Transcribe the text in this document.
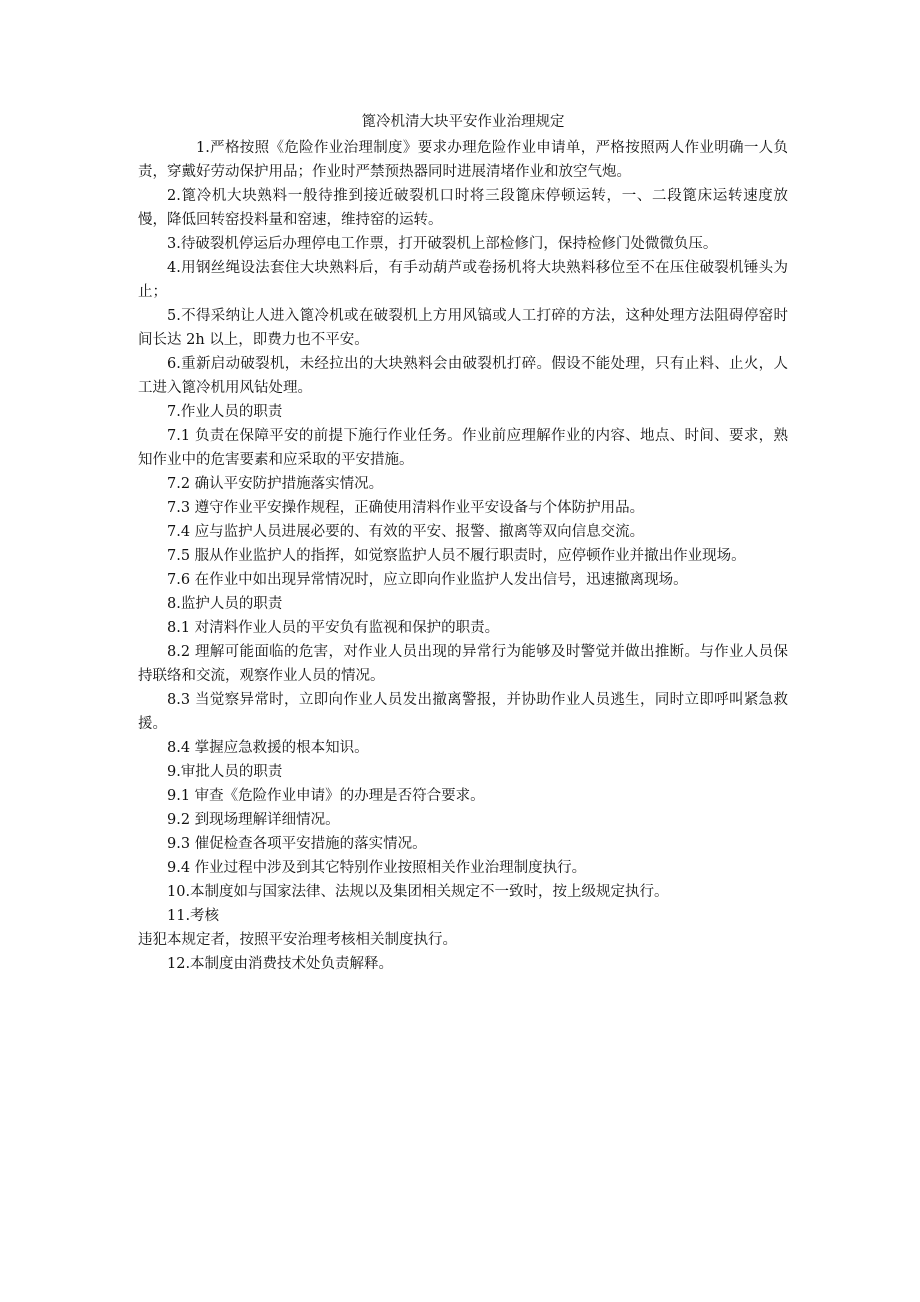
篦冷机清大块平安作业治理规定

1.严格按照《危险作业治理制度》要求办理危险作业申请单，严格按照两人作业明确一人负责，穿戴好劳动保护用品；作业时严禁预热器同时进展清堵作业和放空气炮。

2.篦冷机大块熟料一般待推到接近破裂机口时将三段篦床停顿运转，一、二段篦床运转速度放慢，降低回转窑投料量和窑速，维持窑的运转。

3.待破裂机停运后办理停电工作票，打开破裂机上部检修门，保持检修门处微微负压。

4.用钢丝绳设法套住大块熟料后，有手动葫芦或卷扬机将大块熟料移位至不在压住破裂机锤头为止；

5.不得采纳让人进入篦冷机或在破裂机上方用风镐或人工打碎的方法，这种处理方法阻碍停窑时间长达 2h 以上，即费力也不平安。

6.重新启动破裂机，未经拉出的大块熟料会由破裂机打碎。假设不能处理，只有止料、止火，人工进入篦冷机用风钻处理。

7.作业人员的职责

7.1 负责在保障平安的前提下施行作业任务。作业前应理解作业的内容、地点、时间、要求，熟知作业中的危害要素和应采取的平安措施。

7.2 确认平安防护措施落实情况。

7.3 遵守作业平安操作规程，正确使用清料作业平安设备与个体防护用品。

7.4 应与监护人员进展必要的、有效的平安、报警、撤离等双向信息交流。

7.5 服从作业监护人的指挥，如觉察监护人员不履行职责时，应停顿作业并撤出作业现场。

7.6 在作业中如出现异常情况时，应立即向作业监护人发出信号，迅速撤离现场。

8.监护人员的职责

8.1 对清料作业人员的平安负有监视和保护的职责。

8.2 理解可能面临的危害，对作业人员出现的异常行为能够及时警觉并做出推断。与作业人员保持联络和交流，观察作业人员的情况。

8.3 当觉察异常时，立即向作业人员发出撤离警报，并协助作业人员逃生，同时立即呼叫紧急救援。

8.4 掌握应急救援的根本知识。

9.审批人员的职责

9.1 审查《危险作业申请》的办理是否符合要求。

9.2 到现场理解详细情况。

9.3 催促检查各项平安措施的落实情况。

9.4 作业过程中涉及到其它特别作业按照相关作业治理制度执行。

10.本制度如与国家法律、法规以及集团相关规定不一致时，按上级规定执行。

11.考核

违犯本规定者，按照平安治理考核相关制度执行。

12.本制度由消费技术处负责解释。
